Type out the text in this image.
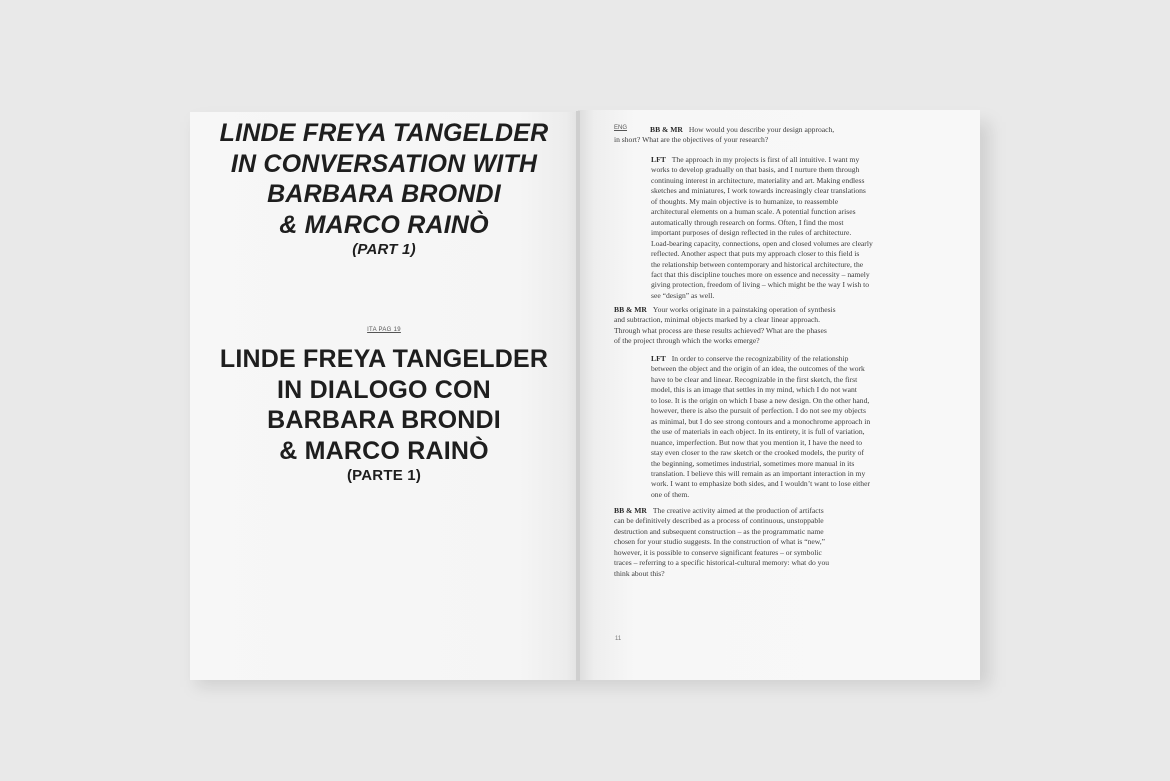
LINDE FREYA TANGELDER
IN CONVERSATION WITH
BARBARA BRONDI
& MARCO RAINÒ
(PART 1)
ITA PAG 19
LINDE FREYA TANGELDER
IN DIALOGO CON
BARBARA BRONDI
& MARCO RAINÒ
(PARTE 1)
ENG	BB & MR How would you describe your design approach,
in short? What are the objectives of your research?
LFT The approach in my projects is first of all intuitive. I want my
works to develop gradually on that basis, and I nurture them through
continuing interest in architecture, materiality and art. Making endless
sketches and miniatures, I work towards increasingly clear translations
of thoughts. My main objective is to humanize, to reassemble
architectural elements on a human scale. A potential function arises
automatically through research on forms. Often, I find the most
important purposes of design reflected in the rules of architecture.
Load-bearing capacity, connections, open and closed volumes are clearly
reflected. Another aspect that puts my approach closer to this field is
the relationship between contemporary and historical architecture, the
fact that this discipline touches more on essence and necessity – namely
giving protection, freedom of living – which might be the way I wish to
see “design” as well.
BB & MR Your works originate in a painstaking operation of synthesis
and subtraction, minimal objects marked by a clear linear approach.
Through what process are these results achieved? What are the phases
of the project through which the works emerge?
LFT In order to conserve the recognizability of the relationship
between the object and the origin of an idea, the outcomes of the work
have to be clear and linear. Recognizable in the first sketch, the first
model, this is an image that settles in my mind, which I do not want
to lose. It is the origin on which I base a new design. On the other hand,
however, there is also the pursuit of perfection. I do not see my objects
as minimal, but I do see strong contours and a monochrome approach in
the use of materials in each object. In its entirety, it is full of variation,
nuance, imperfection. But now that you mention it, I have the need to
stay even closer to the raw sketch or the crooked models, the purity of
the beginning, sometimes industrial, sometimes more manual in its
translation. I believe this will remain as an important interaction in my
work. I want to emphasize both sides, and I wouldn’t want to lose either
one of them.
BB & MR The creative activity aimed at the production of artifacts
can be definitively described as a process of continuous, unstoppable
destruction and subsequent construction – as the programmatic name
chosen for your studio suggests. In the construction of what is “new,”
however, it is possible to conserve significant features – or symbolic
traces – referring to a specific historical-cultural memory: what do you
think about this?
11
